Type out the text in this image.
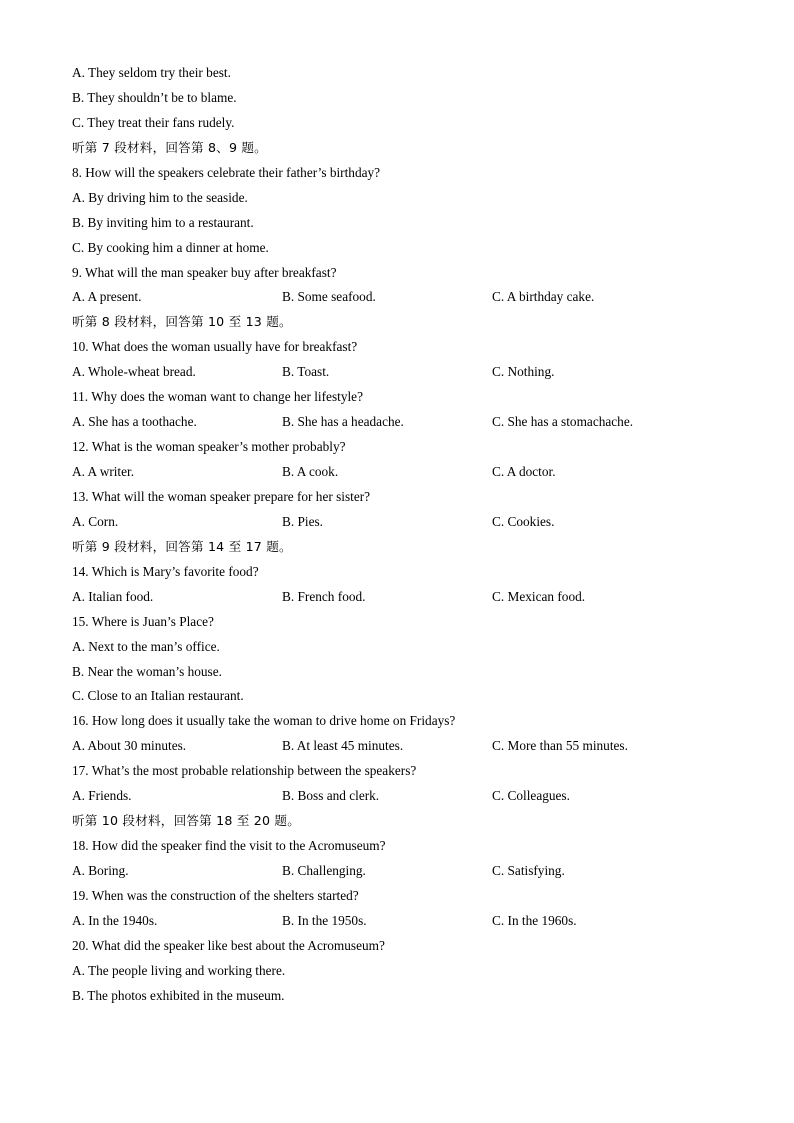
A. They seldom try their best.
B. They shouldn’t be to blame.
C. They treat their fans rudely.
听第 7 段材料，回答第 8、9 题。
8. How will the speakers celebrate their father’s birthday?
A. By driving him to the seaside.
B. By inviting him to a restaurant.
C. By cooking him a dinner at home.
9. What will the man speaker buy after breakfast?
A. A present.	B. Some seafood.	C. A birthday cake.
听第 8 段材料，回答第 10 至 13 题。
10. What does the woman usually have for breakfast?
A. Whole-wheat bread.	B. Toast.	C. Nothing.
11. Why does the woman want to change her lifestyle?
A. She has a toothache.	B. She has a headache.	C. She has a stomachache.
12. What is the woman speaker’s mother probably?
A. A writer.	B. A cook.	C. A doctor.
13. What will the woman speaker prepare for her sister?
A. Corn.	B. Pies.	C. Cookies.
听第 9 段材料，回答第 14 至 17 题。
14. Which is Mary’s favorite food?
A. Italian food.	B. French food.	C. Mexican food.
15. Where is Juan’s Place?
A. Next to the man’s office.
B. Near the woman’s house.
C. Close to an Italian restaurant.
16. How long does it usually take the woman to drive home on Fridays?
A. About 30 minutes.	B. At least 45 minutes.	C. More than 55 minutes.
17. What’s the most probable relationship between the speakers?
A. Friends.	B. Boss and clerk.	C. Colleagues.
听第 10 段材料，回答第 18 至 20 题。
18. How did the speaker find the visit to the Acromuseum?
A. Boring.	B. Challenging.	C. Satisfying.
19. When was the construction of the shelters started?
A. In the 1940s.	B. In the 1950s.	C. In the 1960s.
20. What did the speaker like best about the Acromuseum?
A. The people living and working there.
B. The photos exhibited in the museum.
